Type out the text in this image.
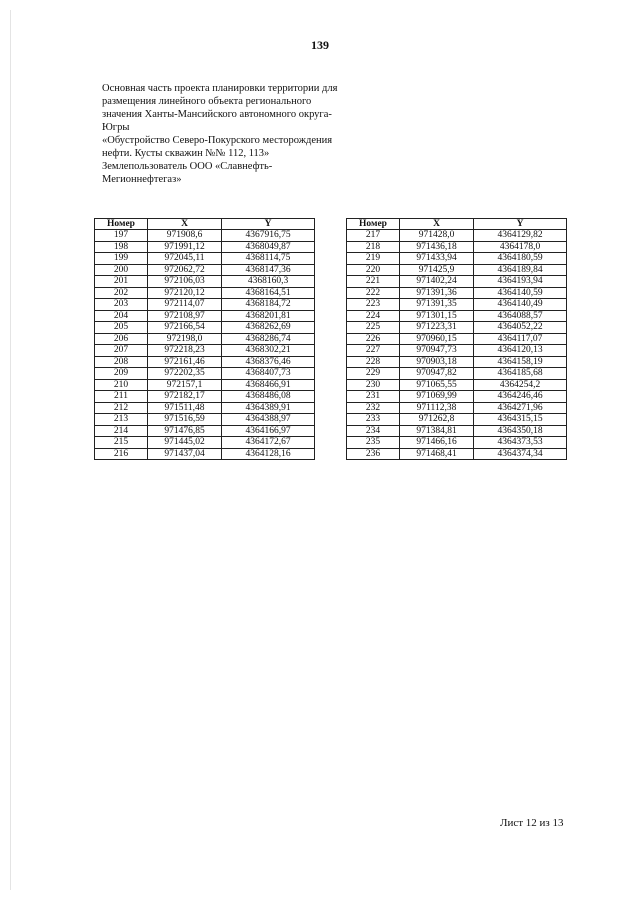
139
Основная часть проекта планировки территории для
размещения линейного объекта регионального
значения Ханты-Мансийского автономного округа-
Югры
«Обустройство Северо-Покурского месторождения
нефти. Кусты скважин №№ 112, 113»
Землепользователь ООО «Славнефть-
Мегионнефтегаз»
Номер	X	Y
197	971908,6	4367916,75
198	971991,12	4368049,87
199	972045,11	4368114,75
200	972062,72	4368147,36
201	972106,03	4368160,3
202	972120,12	4368164,51
203	972114,07	4368184,72
204	972108,97	4368201,81
205	972166,54	4368262,69
206	972198,0	4368286,74
207	972218,23	4368302,21
208	972161,46	4368376,46
209	972202,35	4368407,73
210	972157,1	4368466,91
211	972182,17	4368486,08
212	971511,48	4364389,91
213	971516,59	4364388,97
214	971476,85	4364166,97
215	971445,02	4364172,67
216	971437,04	4364128,16
Номер	X	Y
217	971428,0	4364129,82
218	971436,18	4364178,0
219	971433,94	4364180,59
220	971425,9	4364189,84
221	971402,24	4364193,94
222	971391,36	4364140,59
223	971391,35	4364140,49
224	971301,15	4364088,57
225	971223,31	4364052,22
226	970960,15	4364117,07
227	970947,73	4364120,13
228	970903,18	4364158,19
229	970947,82	4364185,68
230	971065,55	4364254,2
231	971069,99	4364246,46
232	971112,38	4364271,96
233	971262,8	4364315,15
234	971384,81	4364350,18
235	971466,16	4364373,53
236	971468,41	4364374,34
Лист 12 из 13
